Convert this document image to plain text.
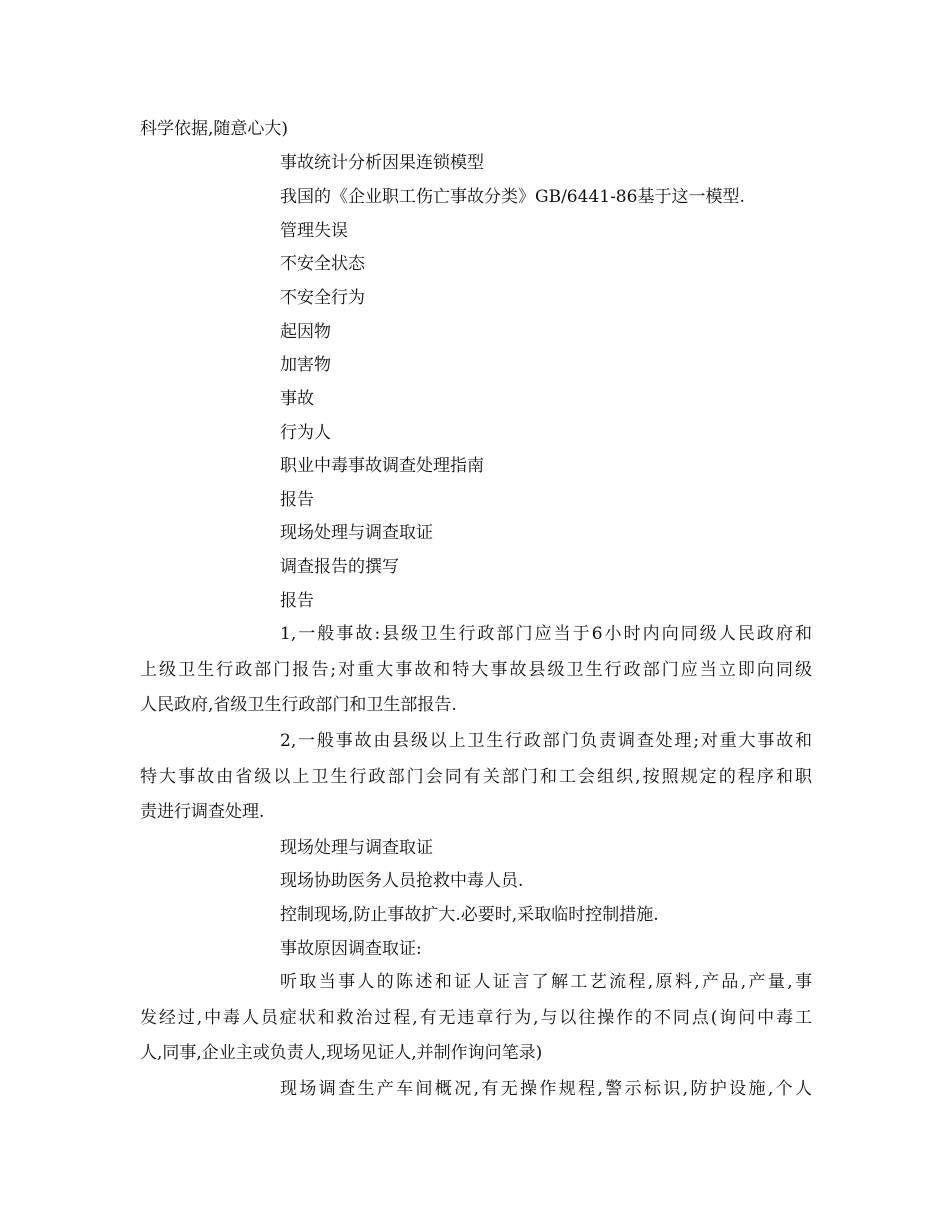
科学依据,随意心大)
事故统计分析因果连锁模型
我国的《企业职工伤亡事故分类》GB/6441-86基于这一模型.
管理失误
不安全状态
不安全行为
起因物
加害物
事故
行为人
职业中毒事故调查处理指南
报告
现场处理与调查取证
调查报告的撰写
报告
1,一般事故:县级卫生行政部门应当于6小时内向同级人民政府和
上级卫生行政部门报告;对重大事故和特大事故县级卫生行政部门应当立即向同级
人民政府,省级卫生行政部门和卫生部报告.
2,一般事故由县级以上卫生行政部门负责调查处理;对重大事故和
特大事故由省级以上卫生行政部门会同有关部门和工会组织,按照规定的程序和职
责进行调查处理.
现场处理与调查取证
现场协助医务人员抢救中毒人员.
控制现场,防止事故扩大.必要时,采取临时控制措施.
事故原因调查取证:
听取当事人的陈述和证人证言了解工艺流程,原料,产品,产量,事
发经过,中毒人员症状和救治过程,有无违章行为,与以往操作的不同点(询问中毒工
人,同事,企业主或负责人,现场见证人,并制作询问笔录)
现场调查生产车间概况,有无操作规程,警示标识,防护设施,个人
